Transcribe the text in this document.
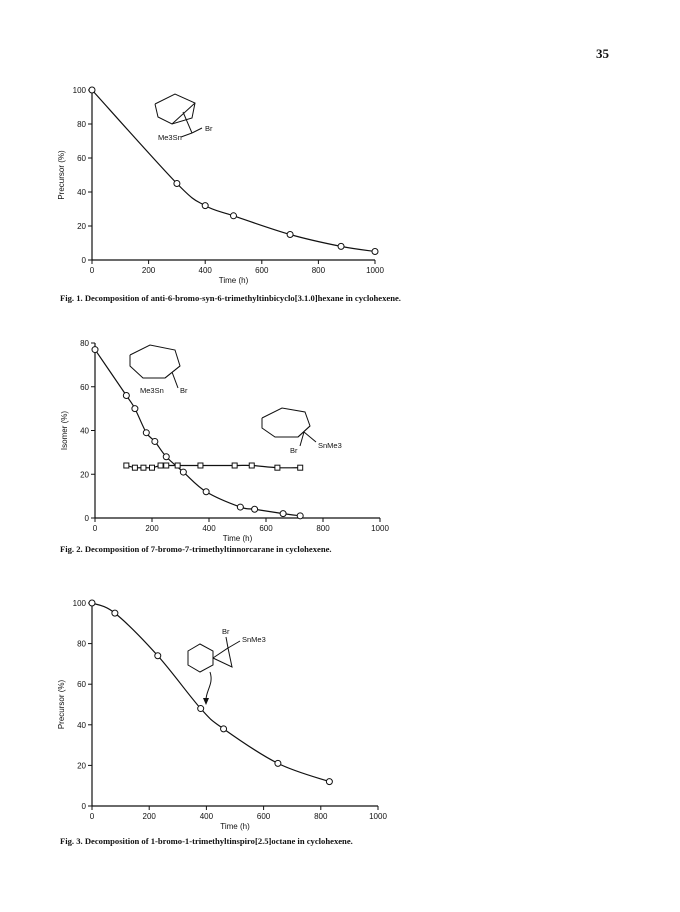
35
0	200	400	600	800	1000
0
20
40
60
80
100
Time (h)
Precursor (%)
Me3Sn
Br
Fig. 1. Decomposition of anti-6-bromo-syn-6-trimethyltinbicyclo[3.1.0]hexane in cyclohexene.
0	200	400	600	800	1000
0
20
40
60
80
Time (h)
Isomer (%)
Me3Sn Br
Br
SnMe3
Fig. 2. Decomposition of 7-bromo-7-trimethyltinnorcarane in cyclohexene.
0	200	400	600	800	1000
0
20
40
60
80
100
Time (h)
Precursor (%)
Br
SnMe3
Fig. 3. Decomposition of 1-bromo-1-trimethyltinspiro[2.5]octane in cyclohexene.
